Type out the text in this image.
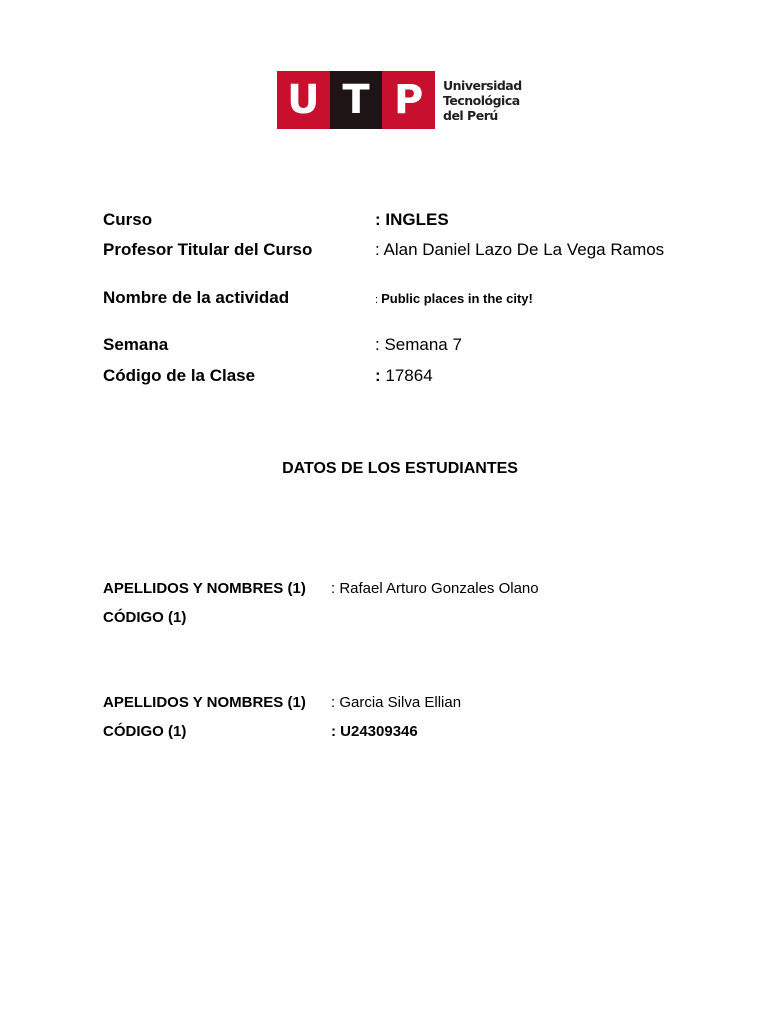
U T P	Universidad
Tecnológica
del Perú
Curso	: INGLES
Profesor Titular del Curso	: Alan Daniel Lazo De La Vega Ramos
Nombre de la actividad	: Public places in the city!
Semana	: Semana 7
Código de la Clase	: 17864
DATOS DE LOS ESTUDIANTES
APELLIDOS Y NOMBRES (1) : Rafael Arturo Gonzales Olano
CÓDIGO (1)
APELLIDOS Y NOMBRES (1) : Garcia Silva Ellian
CÓDIGO (1)	: U24309346
